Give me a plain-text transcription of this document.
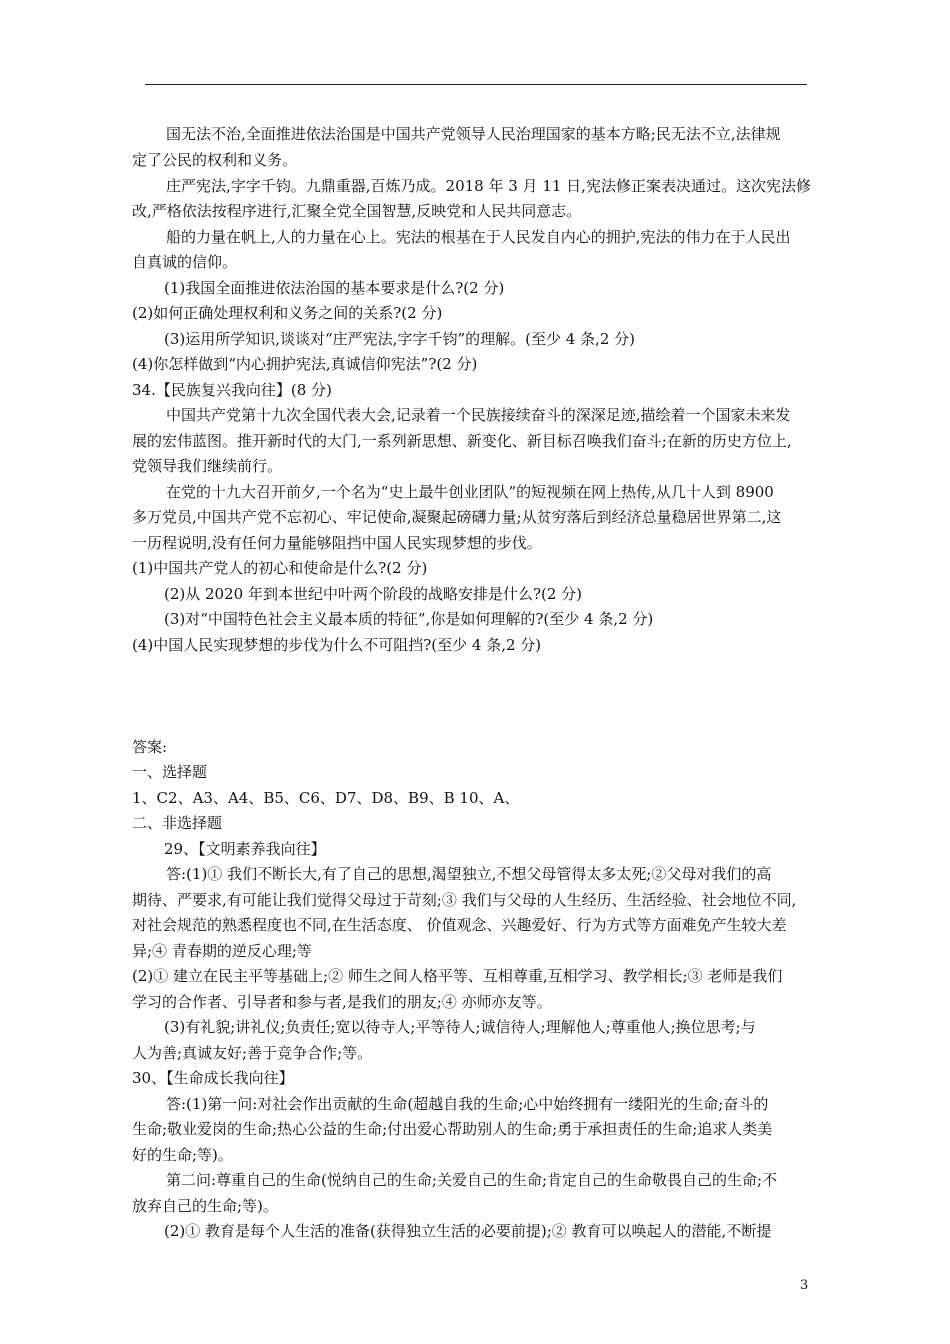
国无法不治,全面推进依法治国是中国共产党领导人民治理国家的基本方略;民无法不立,法律规
定了公民的权利和义务。
庄严宪法,字字千钧。九鼎重器,百炼乃成。2018 年 3 月 11 日,宪法修正案表决通过。这次宪法修
改,严格依法按程序进行,汇聚全党全国智慧,反映党和人民共同意志。
船的力量在帆上,人的力量在心上。宪法的根基在于人民发自内心的拥护,宪法的伟力在于人民出
自真诚的信仰。
(1)我国全面推进依法治国的基本要求是什么?(2 分)
(2)如何正确处理权利和义务之间的关系?(2 分)
(3)运用所学知识,谈谈对“庄严宪法,字字千钧”的理解。(至少 4 条,2 分)
(4)你怎样做到“内心拥护宪法,真诚信仰宪法”?(2 分)
34.【民族复兴我向往】(8 分)
中国共产党第十九次全国代表大会,记录着一个民族接续奋斗的深深足迹,描绘着一个国家未来发
展的宏伟蓝图。推开新时代的大门,一系列新思想、新变化、新目标召唤我们奋斗;在新的历史方位上,
党领导我们继续前行。
在党的十九大召开前夕,一个名为“史上最牛创业团队”的短视频在网上热传,从几十人到 8900
多万党员,中国共产党不忘初心、牢记使命,凝聚起磅礴力量;从贫穷落后到经济总量稳居世界第二,这
一历程说明,没有任何力量能够阻挡中国人民实现梦想的步伐。
(1)中国共产党人的初心和使命是什么?(2 分)
(2)从 2020 年到本世纪中叶两个阶段的战略安排是什么?(2 分)
(3)对“中国特色社会主义最本质的特征”,你是如何理解的?(至少 4 条,2 分)
(4)中国人民实现梦想的步伐为什么不可阻挡?(至少 4 条,2 分)
答案:
一、选择题
1、C2、A3、A4、B5、C6、D7、D8、B9、B 10、A、
二、非选择题
29、【文明素养我向往】
答:(1)① 我们不断长大,有了自己的思想,渴望独立,不想父母管得太多太死;②父母对我们的高
期待、严要求,有可能让我们觉得父母过于苛刻;③ 我们与父母的人生经历、生活经验、社会地位不同,
对社会规范的熟悉程度也不同,在生活态度、 价值观念、兴趣爱好、行为方式等方面难免产生较大差
异;④ 青春期的逆反心理;等
(2)① 建立在民主平等基础上;② 师生之间人格平等、互相尊重,互相学习、教学相长;③ 老师是我们
学习的合作者、引导者和参与者,是我们的朋友;④ 亦师亦友等。
(3)有礼貌;讲礼仪;负责任;宽以待寺人;平等待人;诚信待人;理解他人;尊重他人;换位思考;与
人为善;真诚友好;善于竞争合作;等。
30、【生命成长我向往】
答:(1)第一问:对社会作出贡献的生命(超越自我的生命;心中始终拥有一缕阳光的生命;奋斗的
生命;敬业爱岗的生命;热心公益的生命;付出爱心帮助别人的生命;勇于承担责任的生命;追求人类美
好的生命;等)。
第二问:尊重自己的生命(悦纳自己的生命;关爱自己的生命;肯定自己的生命敬畏自己的生命;不
放弃自己的生命;等)。
(2)① 教育是每个人生活的准备(获得独立生活的必要前提);② 教育可以唤起人的潜能,不断提
3
